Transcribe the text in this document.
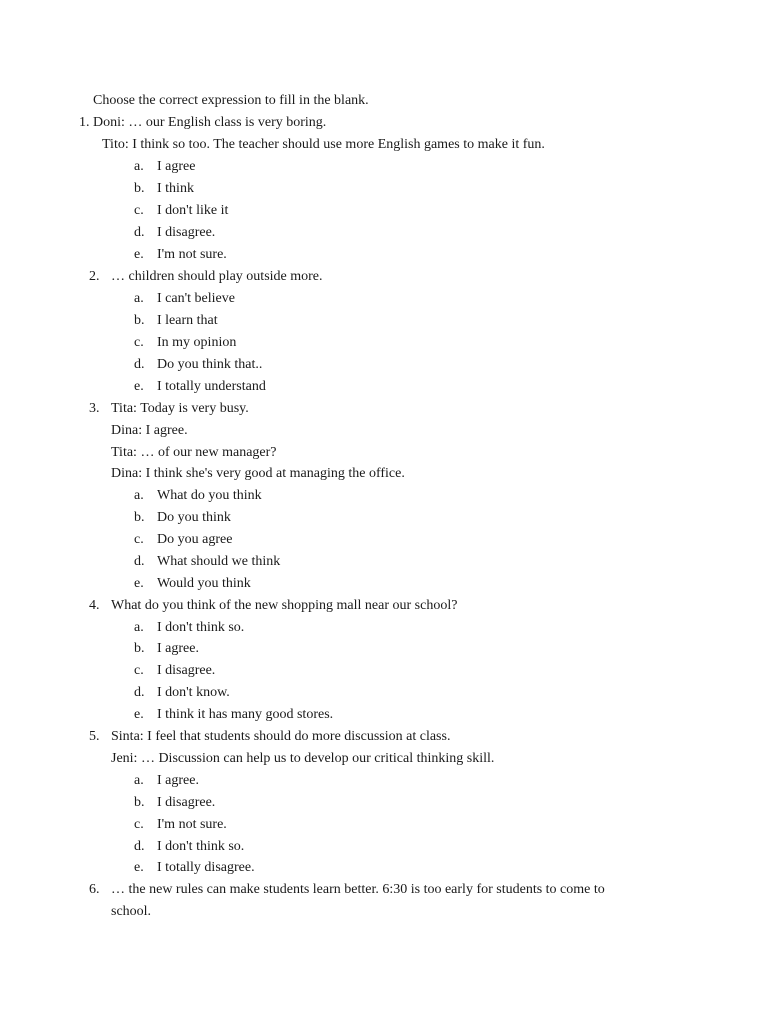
Choose the correct expression to fill in the blank.
1. Doni: … our English class is very boring.
Tito: I think so too. The teacher should use more English games to make it fun.
a. I agree
b. I think
c. I don't like it
d. I disagree.
e. I'm not sure.
2. … children should play outside more.
a. I can't believe
b. I learn that
c. In my opinion
d. Do you think that..
e. I totally understand
3. Tita: Today is very busy.
Dina: I agree.
Tita: … of our new manager?
Dina: I think she's very good at managing the office.
a. What do you think
b. Do you think
c. Do you agree
d. What should we think
e. Would you think
4. What do you think of the new shopping mall near our school?
a. I don't think so.
b. I agree.
c. I disagree.
d. I don't know.
e. I think it has many good stores.
5. Sinta: I feel that students should do more discussion at class.
Jeni: … Discussion can help us to develop our critical thinking skill.
a. I agree.
b. I disagree.
c. I'm not sure.
d. I don't think so.
e. I totally disagree.
6. … the new rules can make students learn better. 6:30 is too early for students to come to
school.
